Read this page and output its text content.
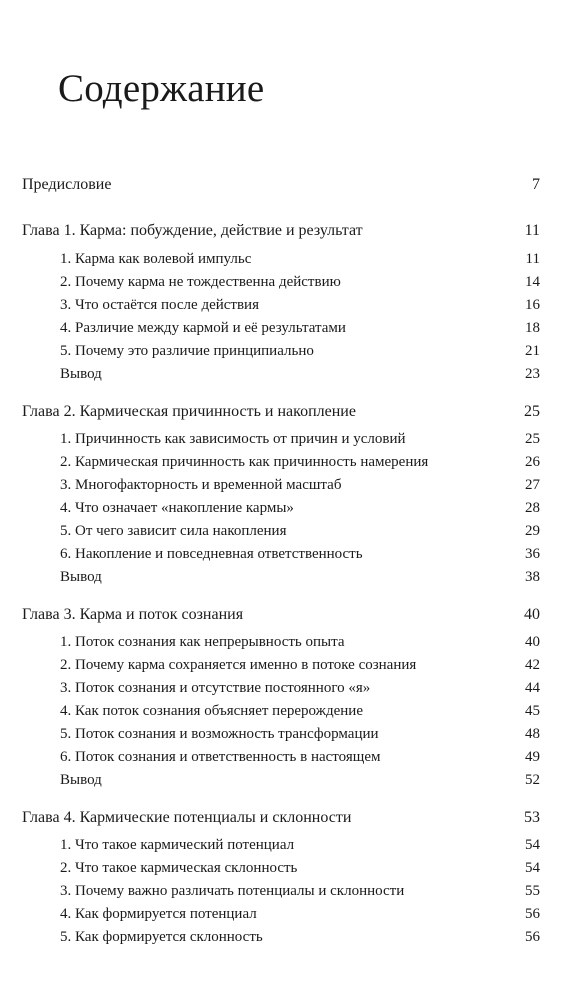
Содержание
Предисловие	7
Глава 1. Карма: побуждение, действие и результат	11
1. Карма как волевой импульс	11
2. Почему карма не тождественна действию	14
3. Что остаётся после действия	16
4. Различие между кармой и её результатами	18
5. Почему это различие принципиально	21
Вывод	23
Глава 2. Кармическая причинность и накопление	25
1. Причинность как зависимость от причин и условий	25
2. Кармическая причинность как причинность намерения	26
3. Многофакторность и временной масштаб	27
4. Что означает «накопление кармы»	28
5. От чего зависит сила накопления	29
6. Накопление и повседневная ответственность	36
Вывод	38
Глава 3. Карма и поток сознания	40
1. Поток сознания как непрерывность опыта	40
2. Почему карма сохраняется именно в потоке сознания	42
3. Поток сознания и отсутствие постоянного «я»	44
4. Как поток сознания объясняет перерождение	45
5. Поток сознания и возможность трансформации	48
6. Поток сознания и ответственность в настоящем	49
Вывод	52
Глава 4. Кармические потенциалы и склонности	53
1. Что такое кармический потенциал	54
2. Что такое кармическая склонность	54
3. Почему важно различать потенциалы и склонности	55
4. Как формируется потенциал	56
5. Как формируется склонность	56
